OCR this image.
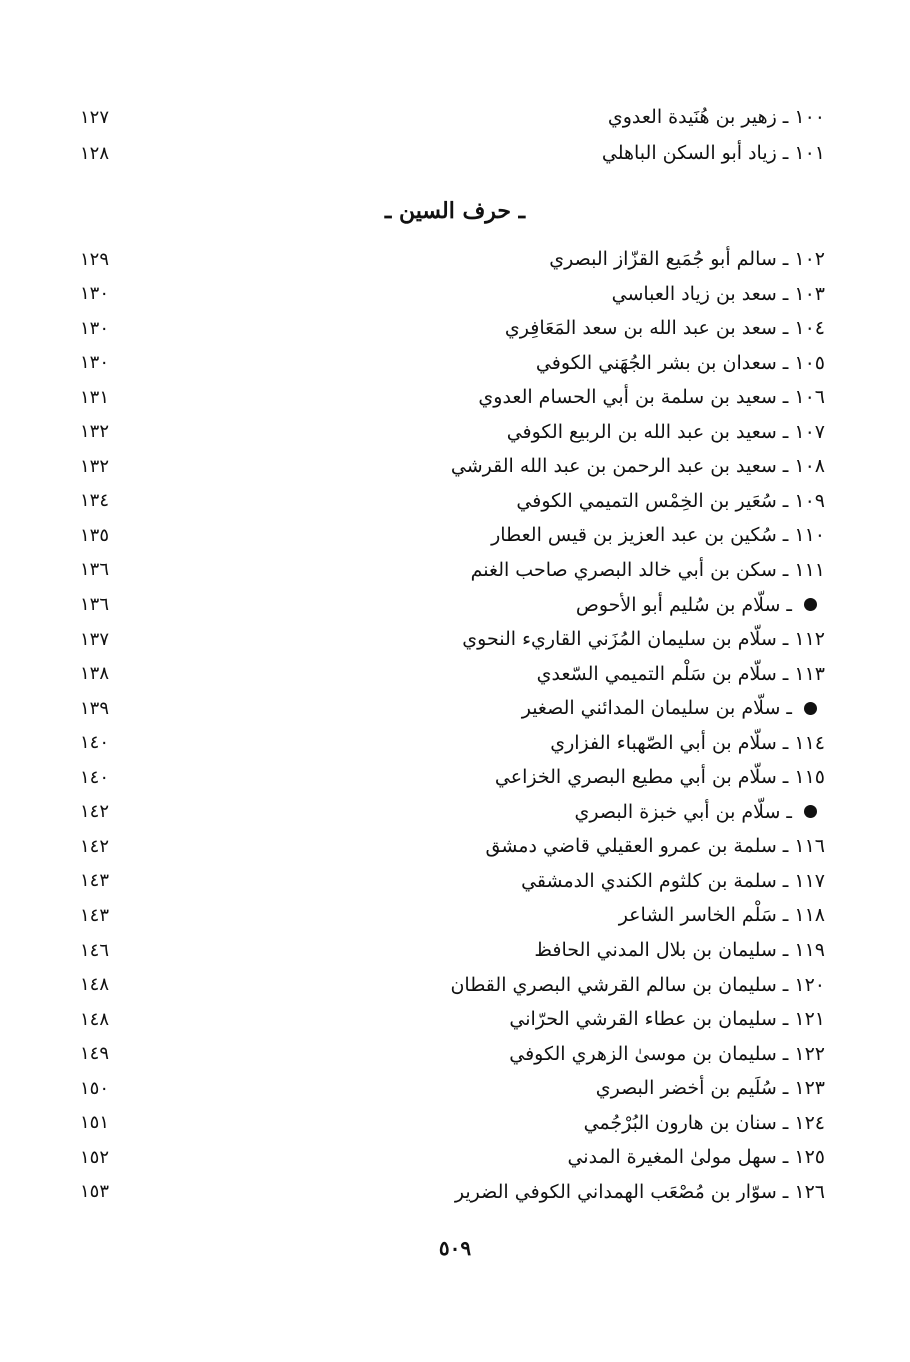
١٠٠
ـ
زهير بن هُنَيدة العدوي
١٢٧
١٠١
ـ
زياد أبو السكن الباهلي
١٢٨
ـ حرف السين ـ
١٠٢
ـ
سالم أبو جُمَيع القزّاز البصري
١٢٩
١٠٣
ـ
سعد بن زياد العباسي
١٣٠
١٠٤
ـ
سعد بن عبد الله بن سعد المَعَافِري
١٣٠
١٠٥
ـ
سعدان بن بشر الجُهَني الكوفي
١٣٠
١٠٦
ـ
سعيد بن سلمة بن أبي الحسام العدوي
١٣١
١٠٧
ـ
سعيد بن عبد الله بن الربيع الكوفي
١٣٢
١٠٨
ـ
سعيد بن عبد الرحمن بن عبد الله القرشي
١٣٢
١٠٩
ـ
سُعَير بن الخِمْس التميمي الكوفي
١٣٤
١١٠
ـ
سُكين بن عبد العزيز بن قيس العطار
١٣٥
١١١
ـ
سكن بن أبي خالد البصري صاحب الغنم
١٣٦
ـ
سلّام بن سُليم أبو الأحوص
١٣٦
١١٢
ـ
سلّام بن سليمان المُزَني القاريء النحوي
١٣٧
١١٣
ـ
سلّام بن سَلْم التميمي السّعدي
١٣٨
ـ
سلّام بن سليمان المدائني الصغير
١٣٩
١١٤
ـ
سلّام بن أبي الصّهباء الفزاري
١٤٠
١١٥
ـ
سلّام بن أبي مطيع البصري الخزاعي
١٤٠
ـ
سلّام بن أبي خبزة البصري
١٤٢
١١٦
ـ
سلمة بن عمرو العقيلي قاضي دمشق
١٤٢
١١٧
ـ
سلمة بن كلثوم الكندي الدمشقي
١٤٣
١١٨
ـ
سَلْم الخاسر الشاعر
١٤٣
١١٩
ـ
سليمان بن بلال المدني الحافظ
١٤٦
١٢٠
ـ
سليمان بن سالم القرشي البصري القطان
١٤٨
١٢١
ـ
سليمان بن عطاء القرشي الحرّاني
١٤٨
١٢٢
ـ
سليمان بن موسىٰ الزهري الكوفي
١٤٩
١٢٣
ـ
سُلَيم بن أخضر البصري
١٥٠
١٢٤
ـ
سنان بن هارون البُرْجُمي
١٥١
١٢٥
ـ
سهل مولىٰ المغيرة المدني
١٥٢
١٢٦
ـ
سوّار بن مُصْعَب الهمداني الكوفي الضرير
١٥٣
٥٠٩
